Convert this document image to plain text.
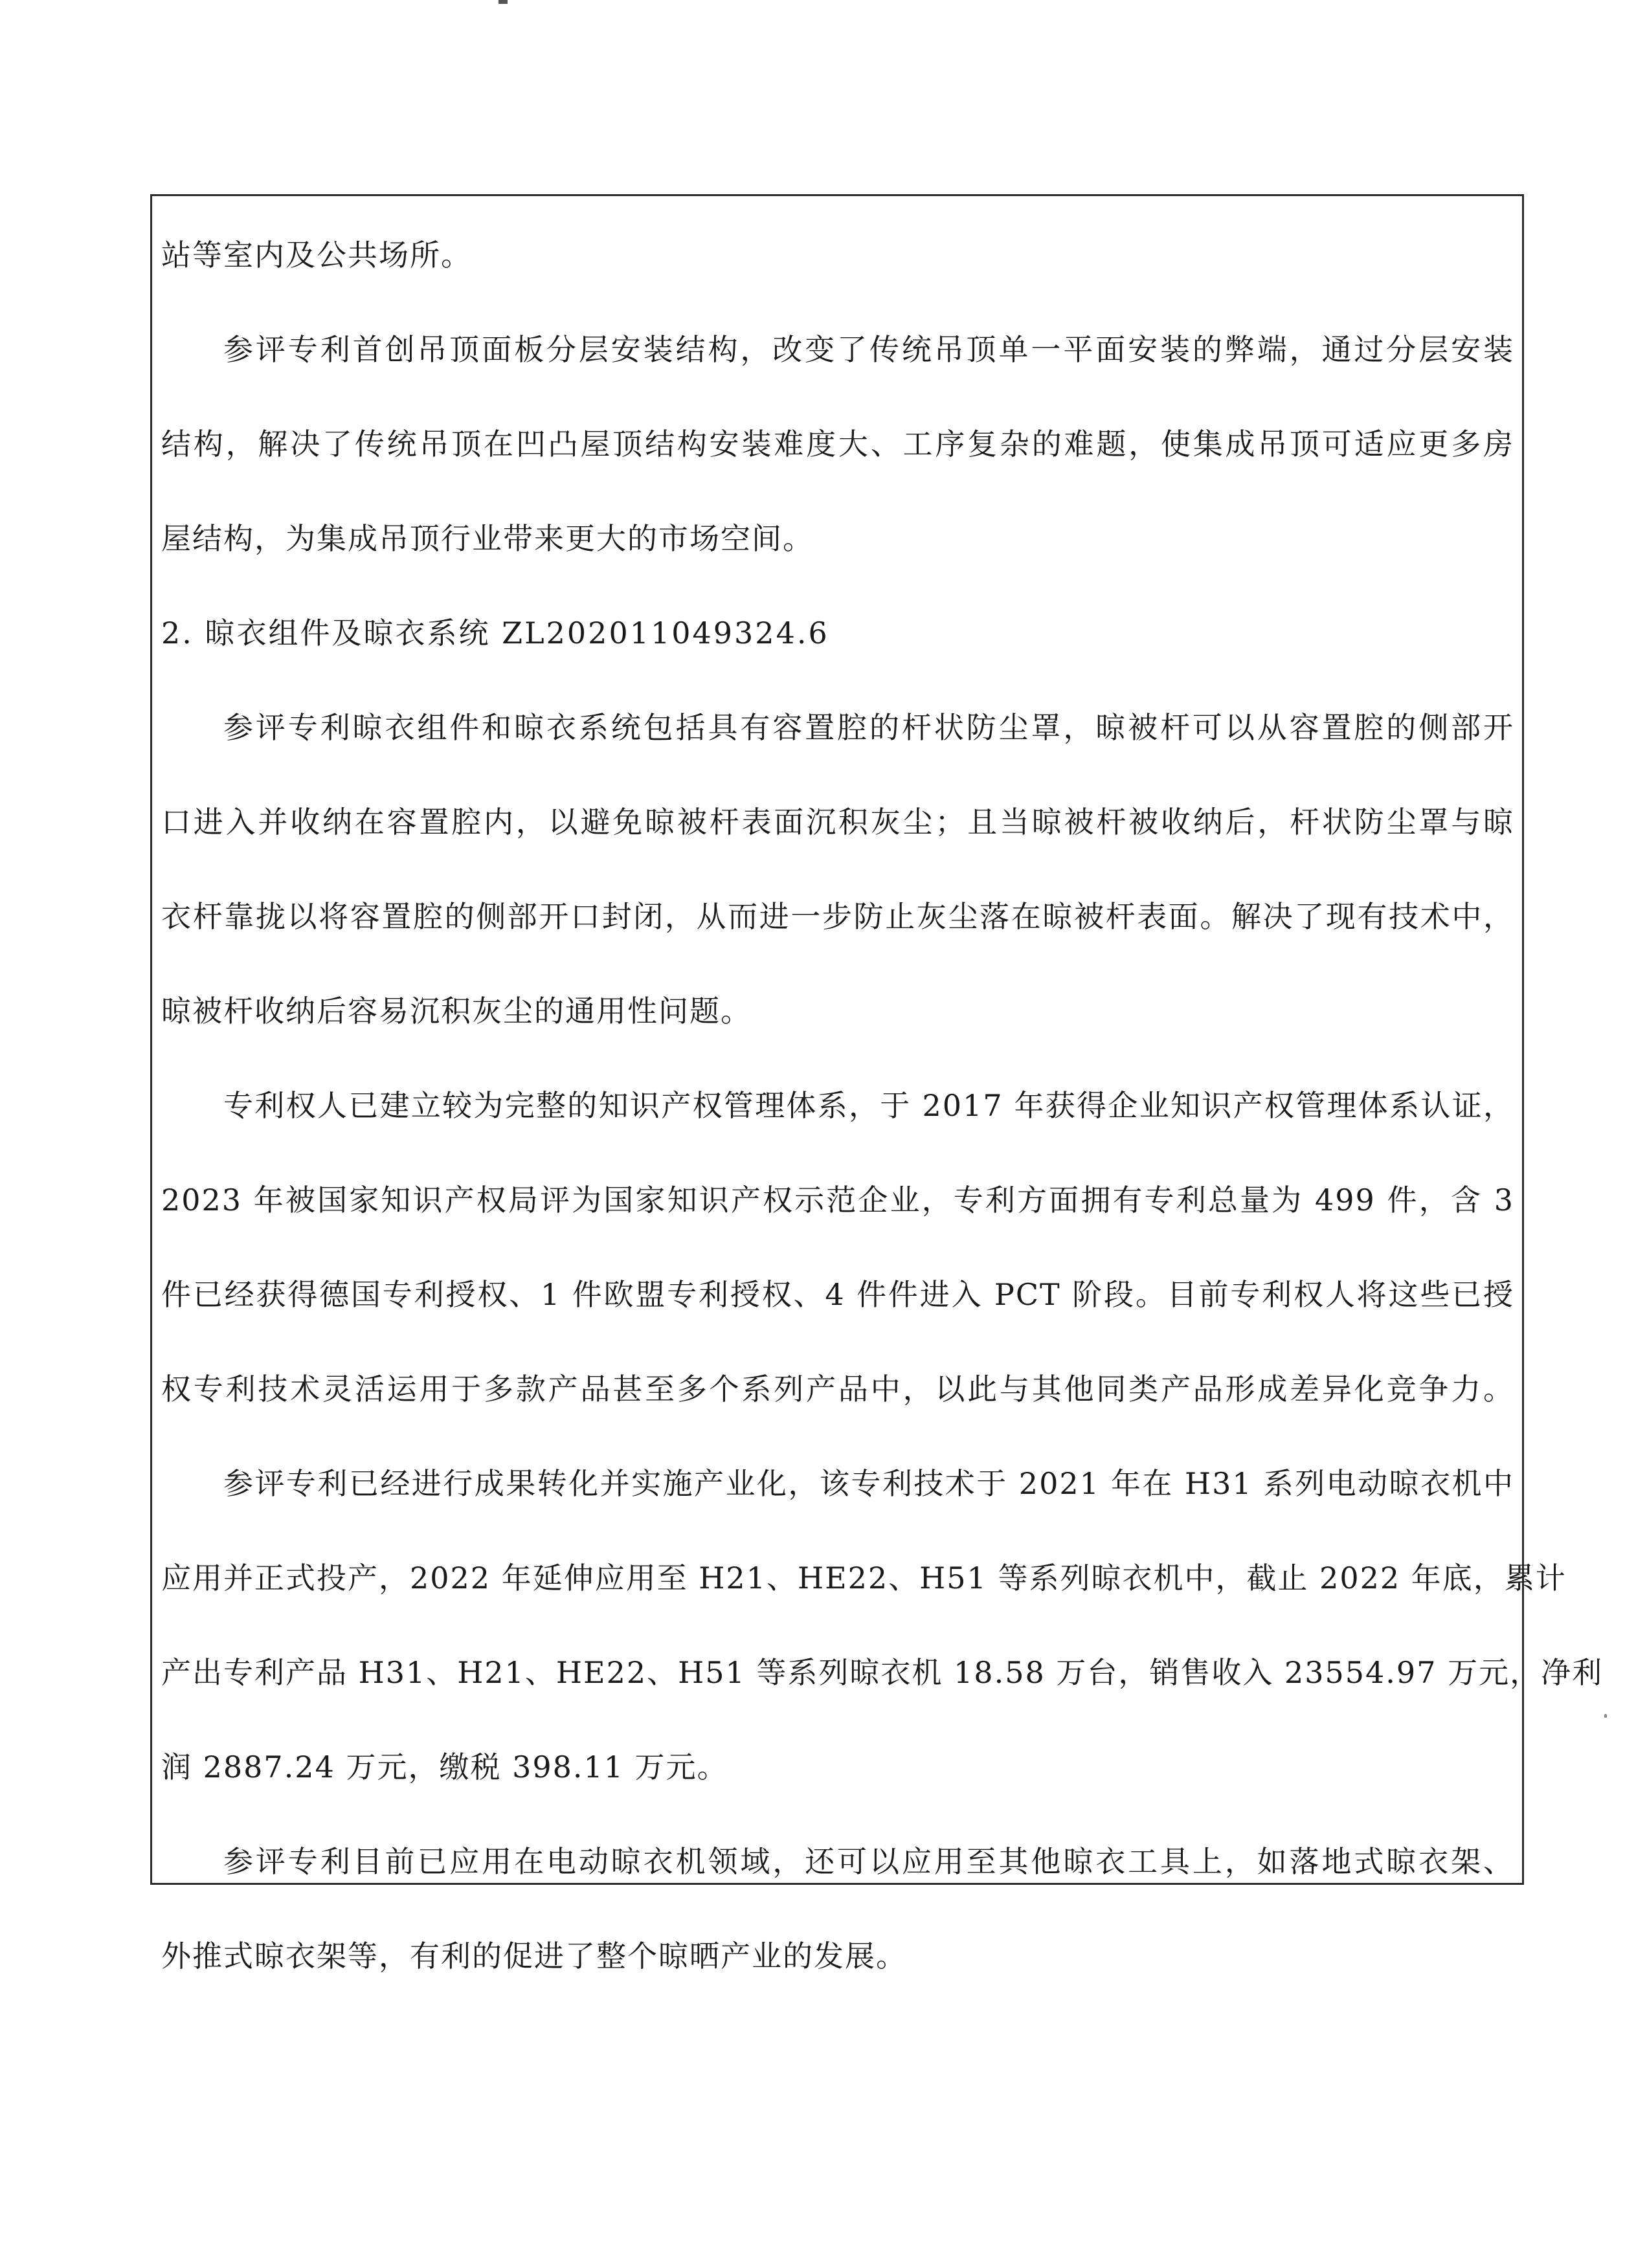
站等室内及公共场所。
参评专利首创吊顶面板分层安装结构，改变了传统吊顶单一平面安装的弊端，通过分层安装
结构，解决了传统吊顶在凹凸屋顶结构安装难度大、工序复杂的难题，使集成吊顶可适应更多房
屋结构，为集成吊顶行业带来更大的市场空间。
2. 晾衣组件及晾衣系统 ZL202011049324.6
参评专利晾衣组件和晾衣系统包括具有容置腔的杆状防尘罩，晾被杆可以从容置腔的侧部开
口进入并收纳在容置腔内，以避免晾被杆表面沉积灰尘；且当晾被杆被收纳后，杆状防尘罩与晾
衣杆靠拢以将容置腔的侧部开口封闭，从而进一步防止灰尘落在晾被杆表面。解决了现有技术中，
晾被杆收纳后容易沉积灰尘的通用性问题。
专利权人已建立较为完整的知识产权管理体系，于 2017 年获得企业知识产权管理体系认证，
2023 年被国家知识产权局评为国家知识产权示范企业，专利方面拥有专利总量为 499 件，含 3
件已经获得德国专利授权、1 件欧盟专利授权、4 件件进入 PCT 阶段。目前专利权人将这些已授
权专利技术灵活运用于多款产品甚至多个系列产品中，以此与其他同类产品形成差异化竞争力。
参评专利已经进行成果转化并实施产业化，该专利技术于 2021 年在 H31 系列电动晾衣机中
应用并正式投产，2022 年延伸应用至 H21、HE22、H51 等系列晾衣机中，截止 2022 年底，累计
产出专利产品 H31、H21、HE22、H51 等系列晾衣机 18.58 万台，销售收入 23554.97 万元，净利
润 2887.24 万元，缴税 398.11 万元。
参评专利目前已应用在电动晾衣机领域，还可以应用至其他晾衣工具上，如落地式晾衣架、
外推式晾衣架等，有利的促进了整个晾晒产业的发展。
